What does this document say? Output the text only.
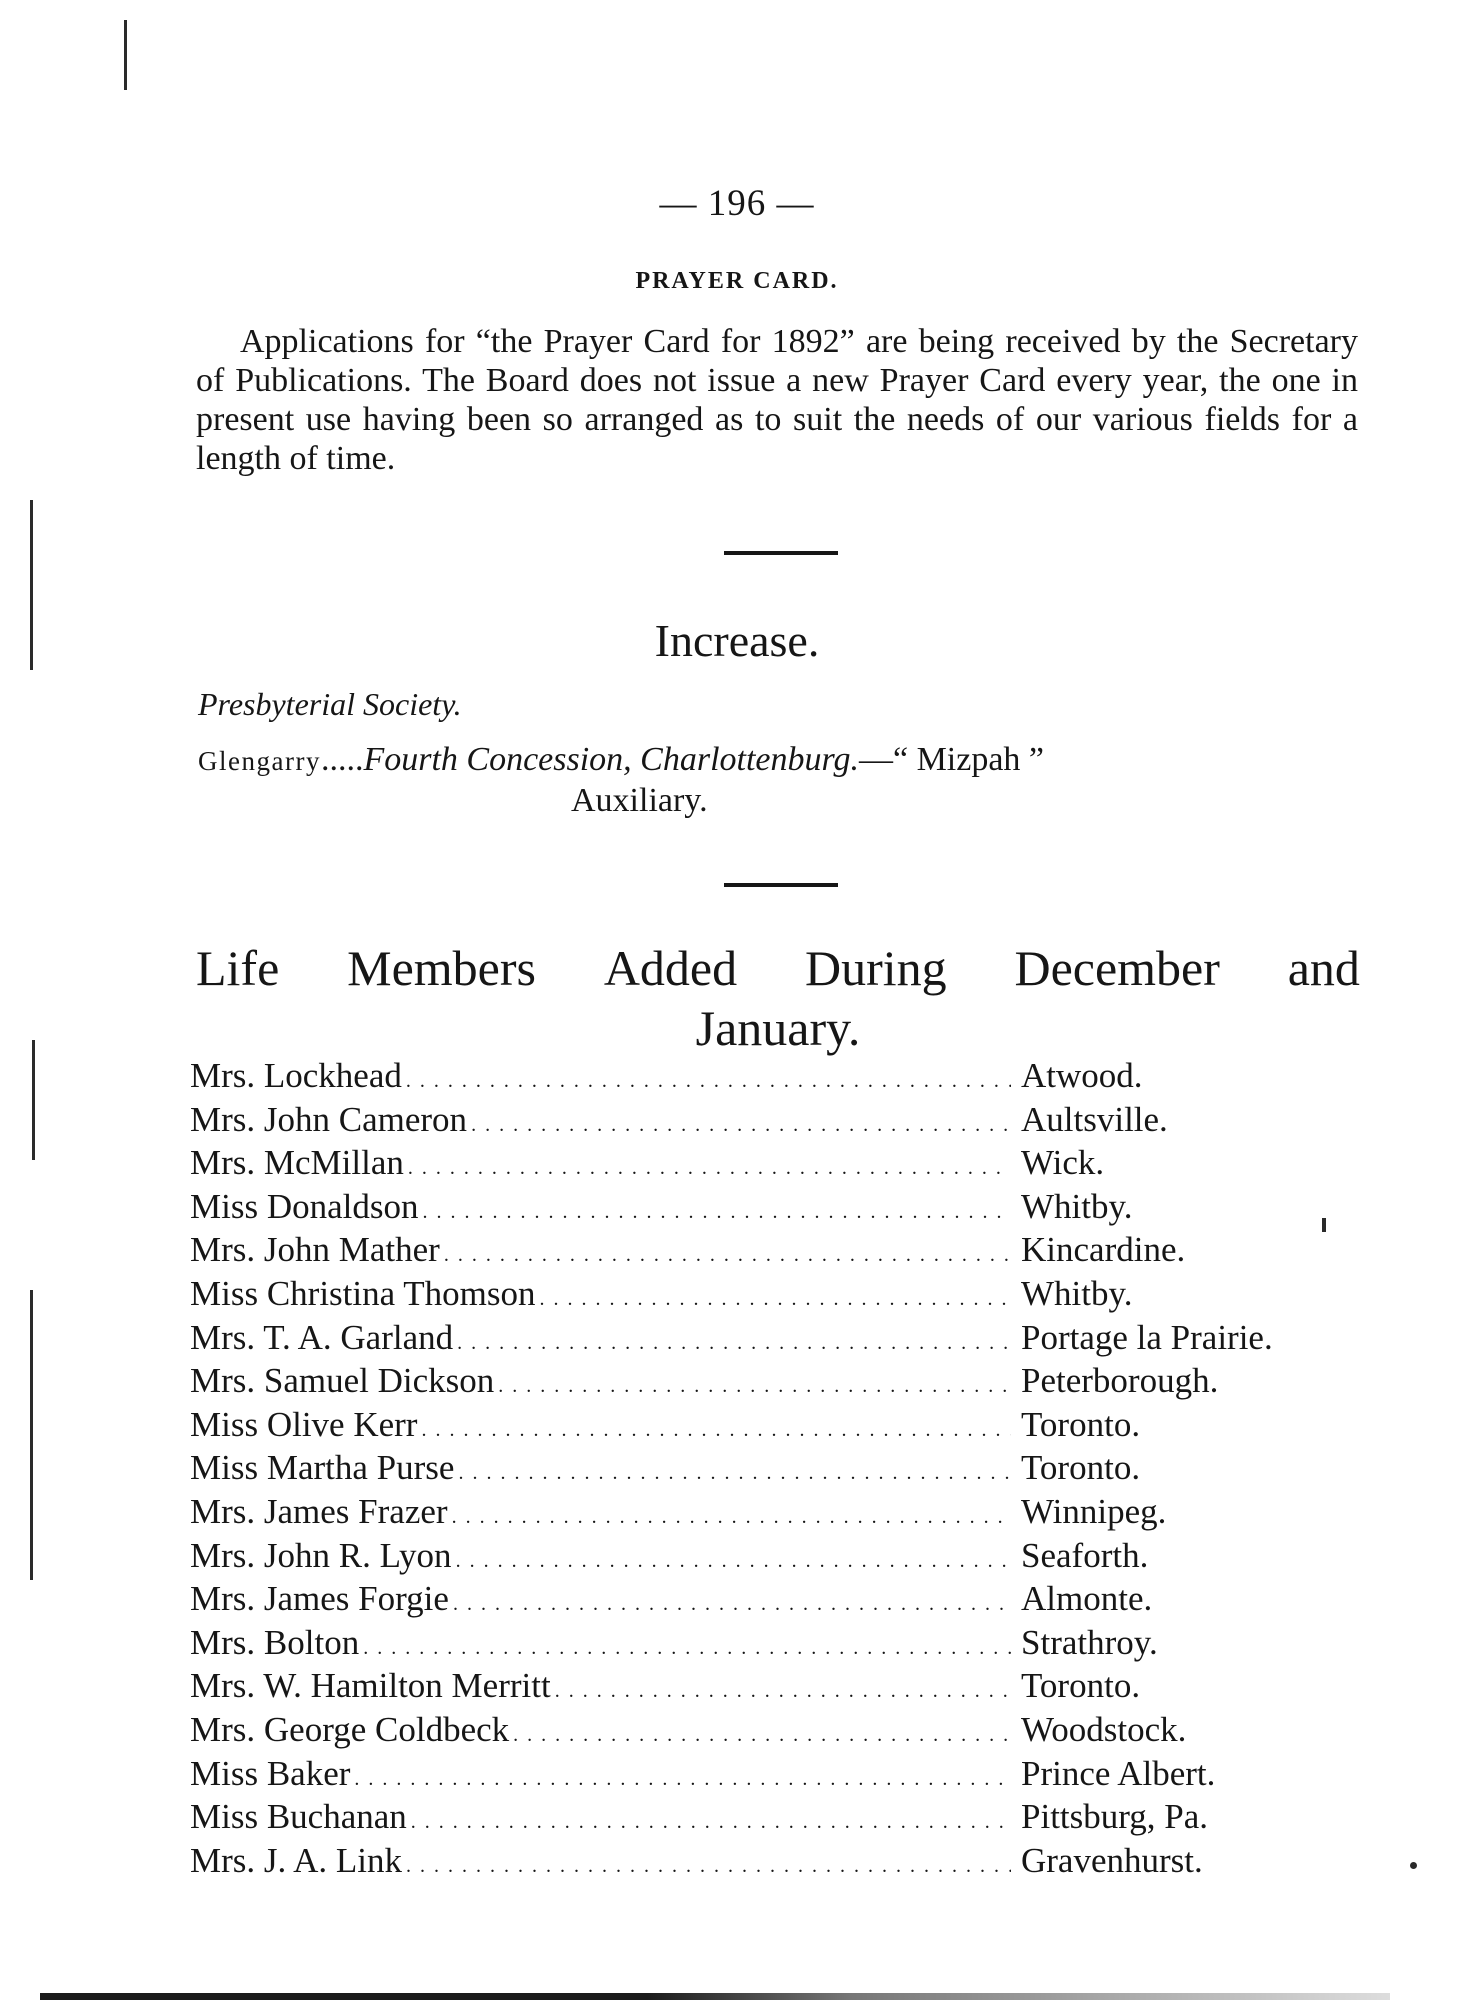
— 196 —
PRAYER CARD.
Applications for “the Prayer Card for 1892” are being received by the Secretary of Publications. The Board does not issue a new Prayer Card every year, the one in present use having been so arranged as to suit the needs of our various fields for a length of time.
Increase.
Presbyterial Society.
Glengarry.....Fourth Concession, Charlottenburg.—“ Mizpah ”
Auxiliary.
Life Members Added During December and
January.
Mrs. Lockhead . . .	Atwood.
Mrs. John Cameron . . .	Aultsville.
Mrs. McMillan . . .	Wick.
Miss Donaldson . . .	Whitby.
Mrs. John Mather . . .	Kincardine.
Miss Christina Thomson . . .	Whitby.
Mrs. T. A. Garland . . .	Portage la Prairie.
Mrs. Samuel Dickson . . .	Peterborough.
Miss Olive Kerr . . .	Toronto.
Miss Martha Purse . . .	Toronto.
Mrs. James Frazer . . .	Winnipeg.
Mrs. John R. Lyon . . .	Seaforth.
Mrs. James Forgie . . .	Almonte.
Mrs. Bolton . . .	Strathroy.
Mrs. W. Hamilton Merritt . . .	Toronto.
Mrs. George Coldbeck . . .	Woodstock.
Miss Baker . . .	Prince Albert.
Miss Buchanan . . .	Pittsburg, Pa.
Mrs. J. A. Link . . .	Gravenhurst.
